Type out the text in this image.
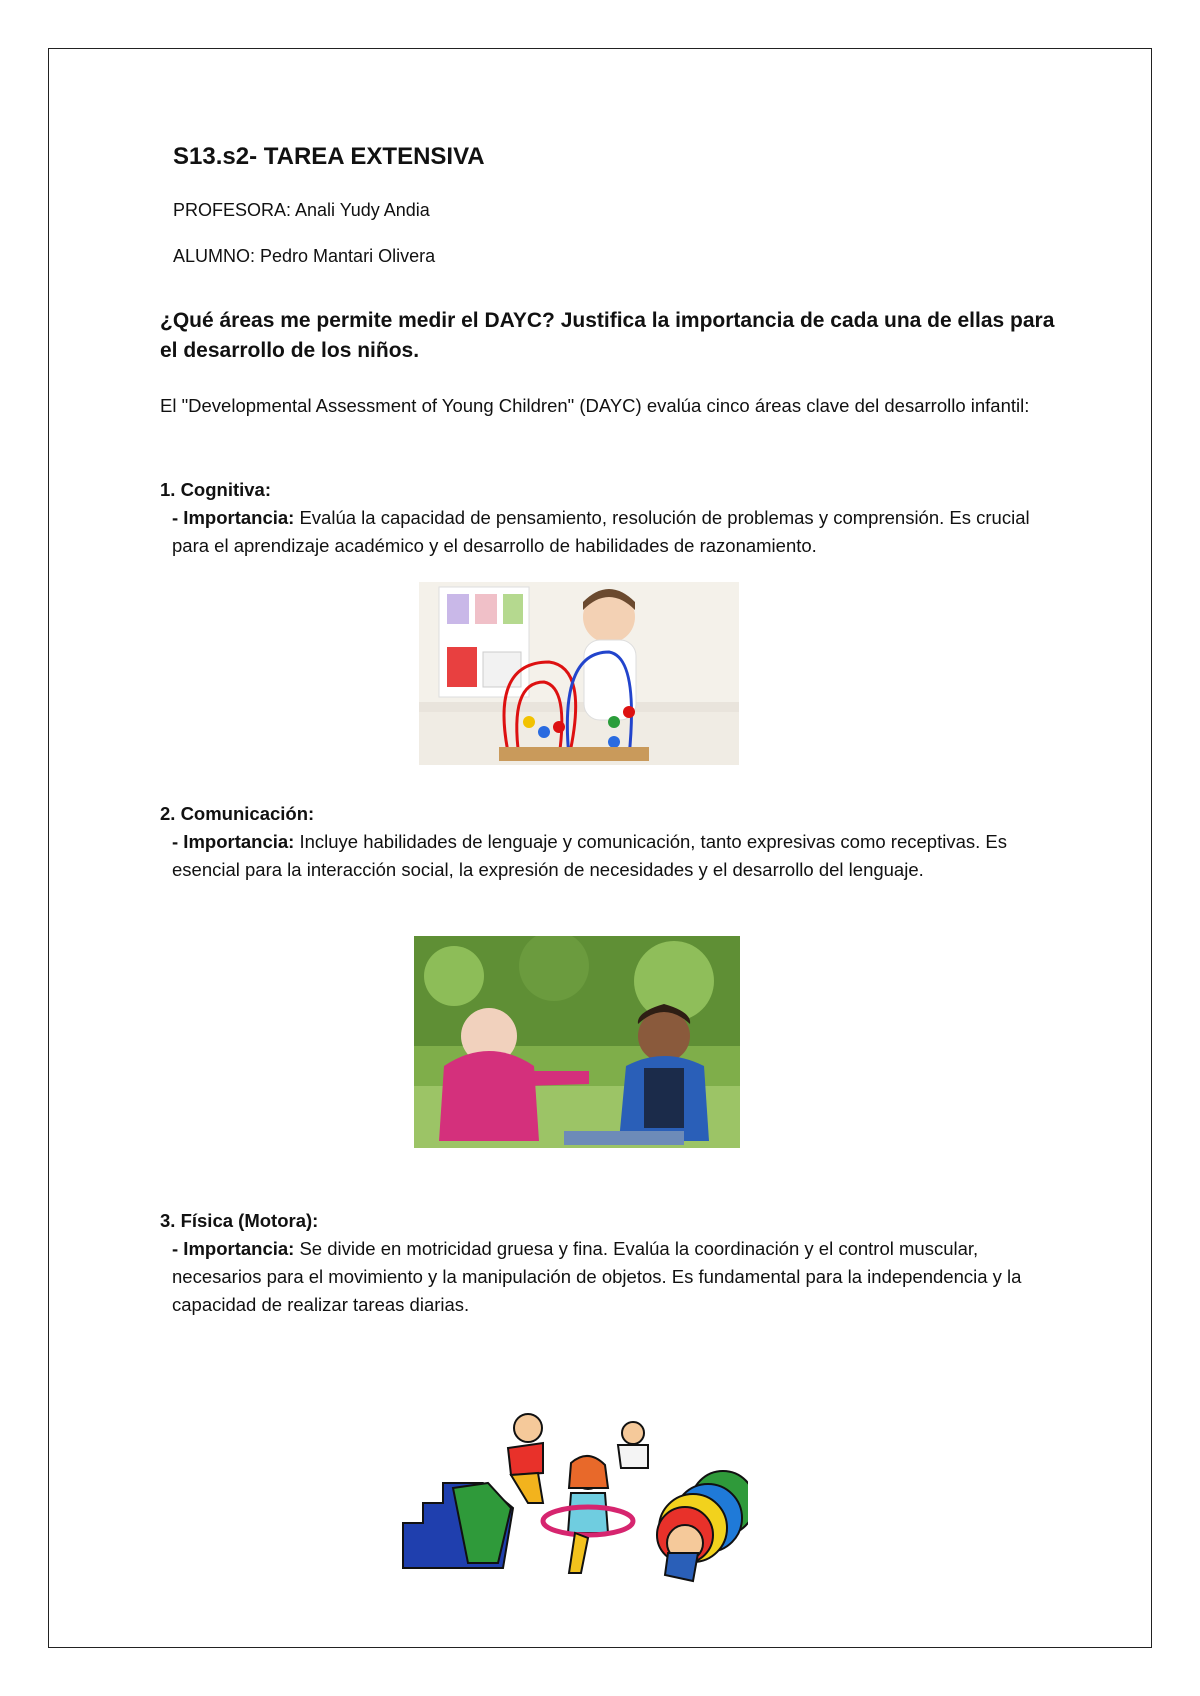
S13.s2- TAREA EXTENSIVA
PROFESORA: Anali Yudy Andia
ALUMNO: Pedro Mantari Olivera
¿Qué áreas me permite medir el DAYC? Justifica la importancia de cada una de ellas para el desarrollo de los niños.
El "Developmental Assessment of Young Children" (DAYC) evalúa cinco áreas clave del desarrollo infantil:
1. Cognitiva:
- Importancia: Evalúa la capacidad de pensamiento, resolución de problemas y comprensión. Es crucial para el aprendizaje académico y el desarrollo de habilidades de razonamiento.
2. Comunicación:
- Importancia: Incluye habilidades de lenguaje y comunicación, tanto expresivas como receptivas. Es esencial para la interacción social, la expresión de necesidades y el desarrollo del lenguaje.
3. Física (Motora):
- Importancia: Se divide en motricidad gruesa y fina. Evalúa la coordinación y el control muscular, necesarios para el movimiento y la manipulación de objetos. Es fundamental para la independencia y la capacidad de realizar tareas diarias.
